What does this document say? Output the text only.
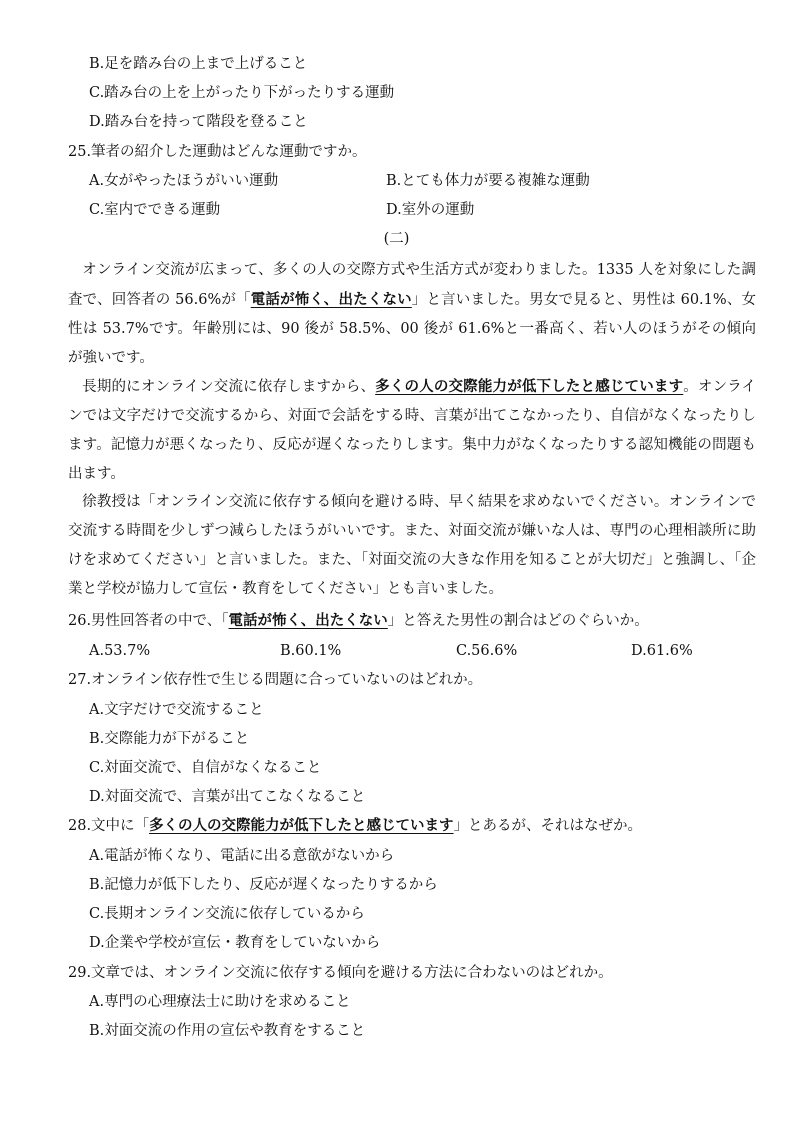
B.足を踏み台の上まで上げること
C.踏み台の上を上がったり下がったりする運動
D.踏み台を持って階段を登ること
25.筆者の紹介した運動はどんな運動ですか。
A.女がやったほうがいい運動	B.とても体力が要る複雑な運動
C.室内でできる運動	D.室外の運動
(二)
オンライン交流が広まって、多くの人の交際方式や生活方式が変わりました。1335 人を対象にした調査で、回答者の 56.6%が「電話が怖く、出たくない」と言いました。男女で見ると、男性は 60.1%、女性は 53.7%です。年齢別には、90 後が 58.5%、00 後が 61.6%と一番高く、若い人のほうがその傾向が強いです。
長期的にオンライン交流に依存しますから、多くの人の交際能力が低下したと感じています。オンラインでは文字だけで交流するから、対面で会話をする時、言葉が出てこなかったり、自信がなくなったりします。記憶力が悪くなったり、反応が遅くなったりします。集中力がなくなったりする認知機能の問題も出ます。
徐教授は「オンライン交流に依存する傾向を避ける時、早く結果を求めないでください。オンラインで交流する時間を少しずつ減らしたほうがいいです。また、対面交流が嫌いな人は、専門の心理相談所に助けを求めてください」と言いました。また、「対面交流の大きな作用を知ることが大切だ」と強調し、「企業と学校が協力して宣伝・教育をしてください」とも言いました。
26.男性回答者の中で、「電話が怖く、出たくない」と答えた男性の割合はどのぐらいか。
A.53.7%	B.60.1%	C.56.6%	D.61.6%
27.オンライン依存性で生じる問題に合っていないのはどれか。
A.文字だけで交流すること
B.交際能力が下がること
C.対面交流で、自信がなくなること
D.対面交流で、言葉が出てこなくなること
28.文中に「多くの人の交際能力が低下したと感じています」とあるが、それはなぜか。
A.電話が怖くなり、電話に出る意欲がないから
B.記憶力が低下したり、反応が遅くなったりするから
C.長期オンライン交流に依存しているから
D.企業や学校が宣伝・教育をしていないから
29.文章では、オンライン交流に依存する傾向を避ける方法に合わないのはどれか。
A.専門の心理療法士に助けを求めること
B.対面交流の作用の宣伝や教育をすること
